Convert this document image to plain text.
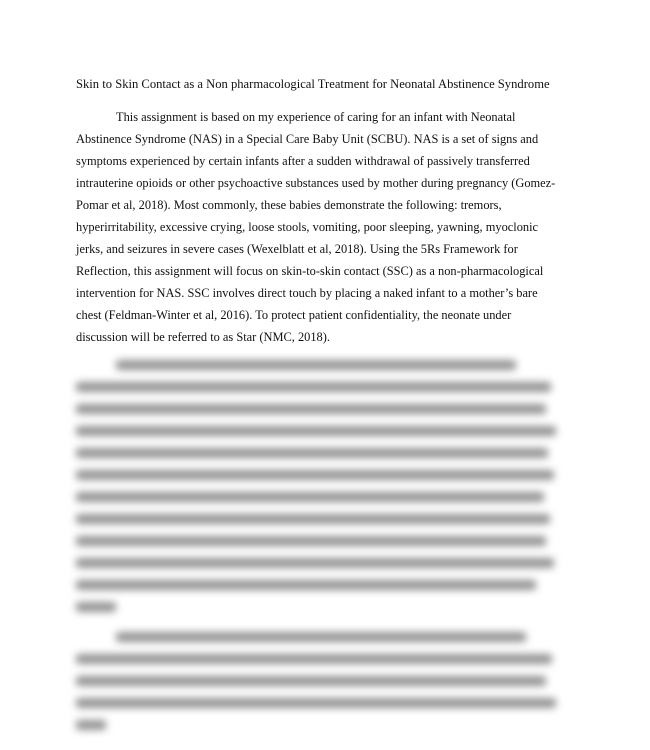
Skin to Skin Contact as a Non pharmacological Treatment for Neonatal Abstinence Syndrome

This assignment is based on my experience of caring for an infant with Neonatal
Abstinence Syndrome (NAS) in a Special Care Baby Unit (SCBU). NAS is a set of signs and
symptoms experienced by certain infants after a sudden withdrawal of passively transferred
intrauterine opioids or other psychoactive substances used by mother during pregnancy (Gomez-
Pomar et al, 2018). Most commonly, these babies demonstrate the following: tremors,
hyperirritability, excessive crying, loose stools, vomiting, poor sleeping, yawning, myoclonic
jerks, and seizures in severe cases (Wexelblatt et al, 2018). Using the 5Rs Framework for
Reflection, this assignment will focus on skin-to-skin contact (SSC) as a non-pharmacological
intervention for NAS. SSC involves direct touch by placing a naked infant to a mother’s bare
chest (Feldman-Winter et al, 2016). To protect patient confidentiality, the neonate under
discussion will be referred to as Star (NMC, 2018).
